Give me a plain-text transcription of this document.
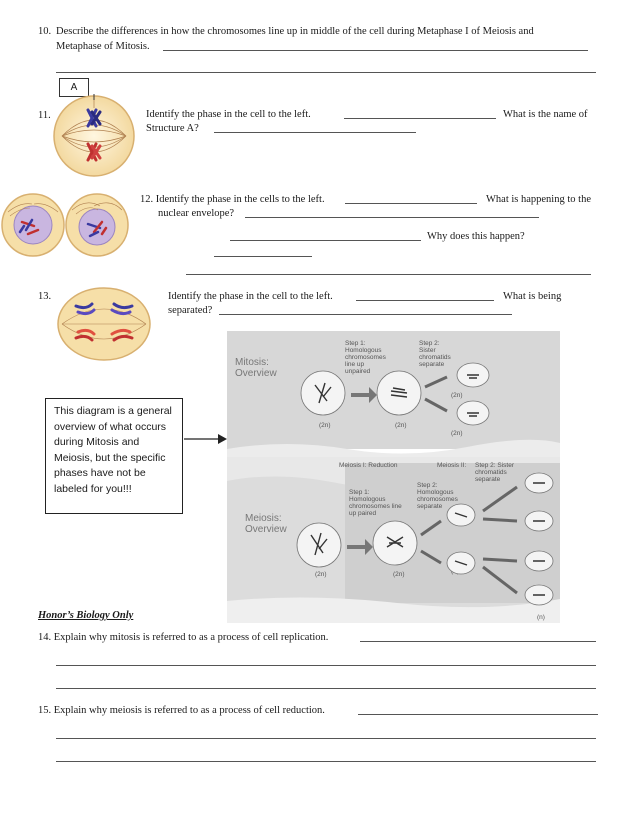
10. Describe the differences in how the chromosomes line up in middle of the cell during Metaphase I of Meiosis and
Metaphase of Mitosis.
A
11.	Identify the phase in the cell to the left.	What is the name of
Structure A?
12. Identify the phase in the cells to the left.	What is happening to the
nuclear envelope?
Why does this happen?
13.	Identify the phase in the cell to the left.	What is being
separated?
Mitosis:
Overview
Step 1:
Homologous
chromosomes
line up
unpaired
Step 2:
Sister
chromatids
separate
(2n)	(2n)
(2n)
(2n)
Meiosis I: Reduction	Meiosis II: Step 2: Sister
chromatids
separate
Step 1:
Homologous
chromosomes line
up paired
Step 2:
Homologous
chromosomes
separate
Meiosis:
Overview
(2n)	(2n)
(n)
This diagram is a general
overview of what occurs
during Mitosis and
Meiosis, but the specific
phases have not be
labeled for you!!!
Honor’s Biology Only
14. Explain why mitosis is referred to as a process of cell replication.
15. Explain why meiosis is referred to as a process of cell reduction.
